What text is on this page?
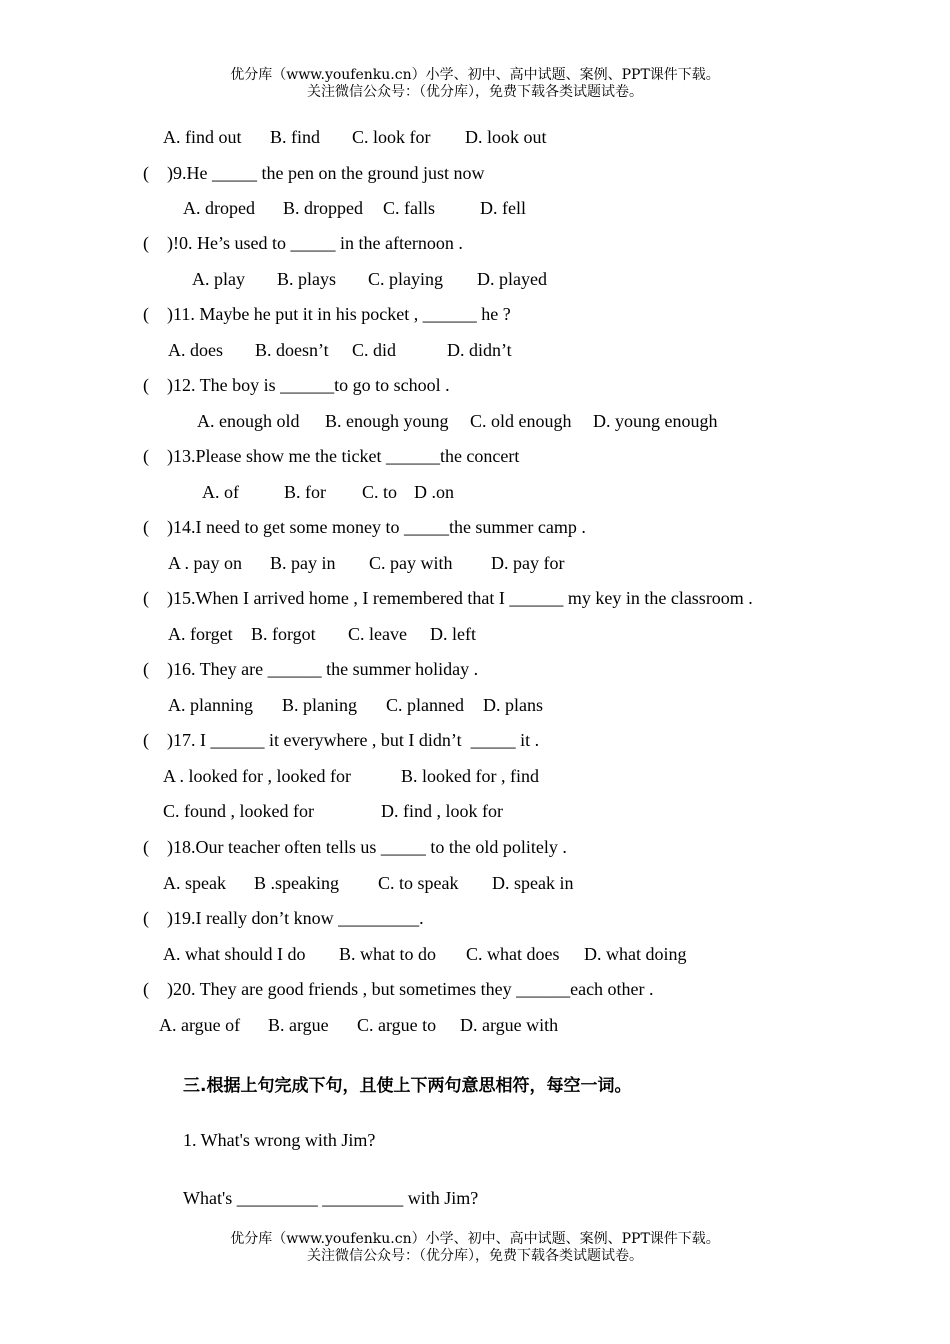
优分库（www.youfenku.cn）小学、初中、高中试题、案例、PPT课件下载。
关注微信公众号：（优分库），免费下载各类试题试卷。
A. find out B. find C. look for D. look out
(    )9.He _____ the pen on the ground just now
A. droped B. dropped C. falls	D. fell
(    )!0. He’s used to _____ in the afternoon .
A. play B. plays C. playing D. played
(    )11. Maybe he put it in his pocket , ______ he ?
A. does B. doesn’t C. did	D. didn’t
(    )12. The boy is ______to go to school .
A. enough old B. enough young C. old enough D. young enough
(    )13.Please show me the ticket ______the concert
A. of	B. for C. to D .on
(    )14.I need to get some money to _____the summer camp .
A . pay on B. pay in C. pay with D. pay for
(    )15.When I arrived home , I remembered that I ______ my key in the classroom .
A. forget B. forgot C. leave D. left
(    )16. They are ______ the summer holiday .
A. planning B. planing C. planned D. plans
(    )17. I ______ it everywhere , but I didn’t  _____ it .
A . looked for , looked for	B. looked for , find
C. found , looked for	D. find , look for
(    )18.Our teacher often tells us _____ to the old politely .
A. speak B .speaking C. to speak D. speak in
(    )19.I really don’t know _________.
A. what should I do B. what to do C. what does D. what doing
(    )20. They are good friends , but sometimes they ______each other .
A. argue of B. argue C. argue to D. argue with
三.根据上句完成下句，且使上下两句意思相符，每空一词。
1. What's wrong with Jim?
What's _________ _________ with Jim?
优分库（www.youfenku.cn）小学、初中、高中试题、案例、PPT课件下载。
关注微信公众号：（优分库），免费下载各类试题试卷。
